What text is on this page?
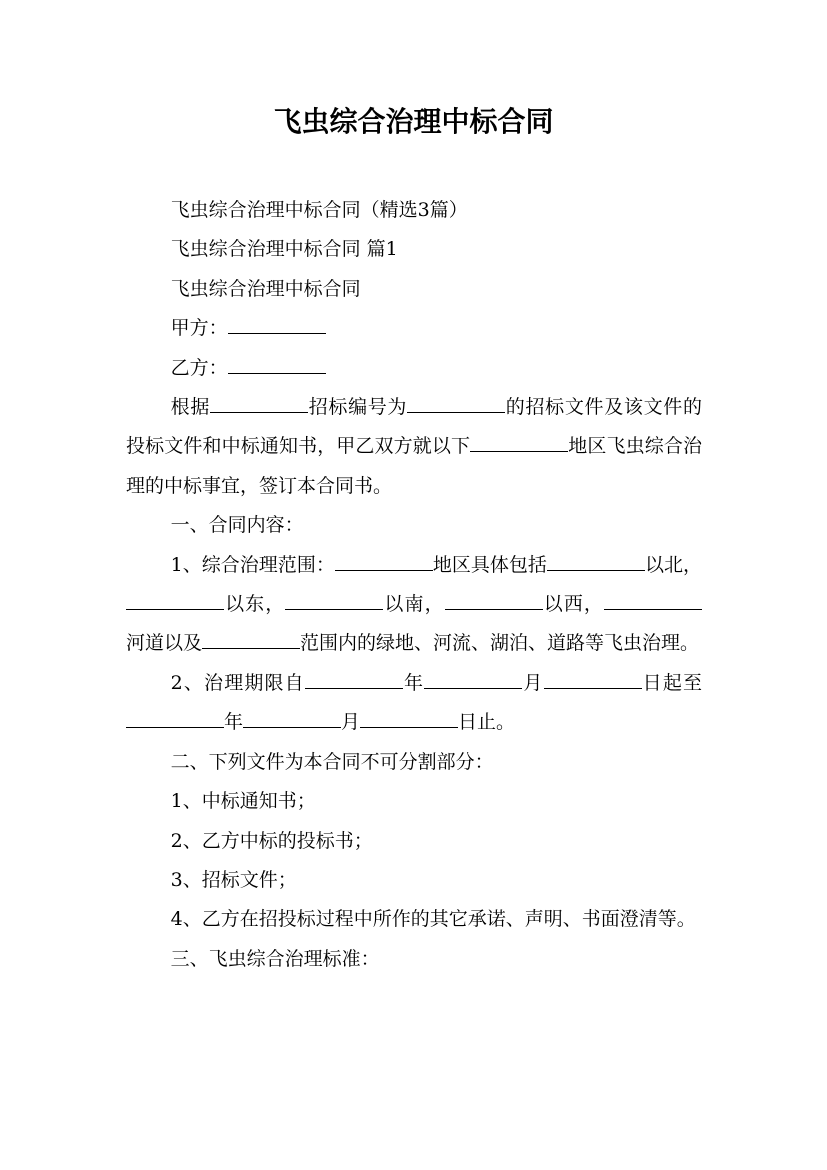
飞虫综合治理中标合同

飞虫综合治理中标合同（精选3篇）

飞虫综合治理中标合同 篇1

飞虫综合治理中标合同

甲方：

乙方：

根据	招标编号为	的招标文件及该文件的投标文件和中标通知书，甲乙双方就以下	地区飞虫综合治理的中标事宜，签订本合同书。

一、合同内容：

1、综合治理范围：	地区具体包括	以北，以东，	以南，	以西，河道以及	范围内的绿地、河流、湖泊、道路等飞虫治理。

2、治理期限自	年	月	日起至年	月	日止。

二、下列文件为本合同不可分割部分：

1、中标通知书；

2、乙方中标的投标书；

3、招标文件；

4、乙方在招投标过程中所作的其它承诺、声明、书面澄清等。

三、飞虫综合治理标准：
